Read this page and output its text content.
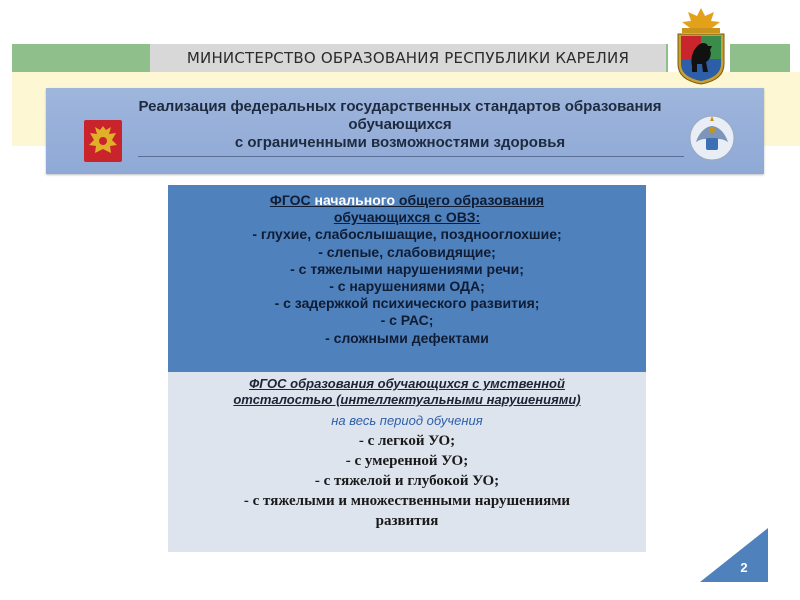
МИНИСТЕРСТВО ОБРАЗОВАНИЯ РЕСПУБЛИКИ КАРЕЛИЯ
Реализация федеральных государственных стандартов образования
обучающихся
с ограниченными возможностями здоровья
ФГОС начального общего образования
обучающихся с ОВЗ:
- глухие, слабослышащие, позднооглохшие;
- слепые, слабовидящие;
- с тяжелыми нарушениями речи;
- с нарушениями ОДА;
- с задержкой психического развития;
- с РАС;
- сложными дефектами
ФГОС образования обучающихся с умственной
отсталостью (интеллектуальными нарушениями)
на весь период обучения
- с легкой УО;
- с умеренной УО;
- с тяжелой и глубокой УО;
- с тяжелыми и множественными нарушениями
развития
2
